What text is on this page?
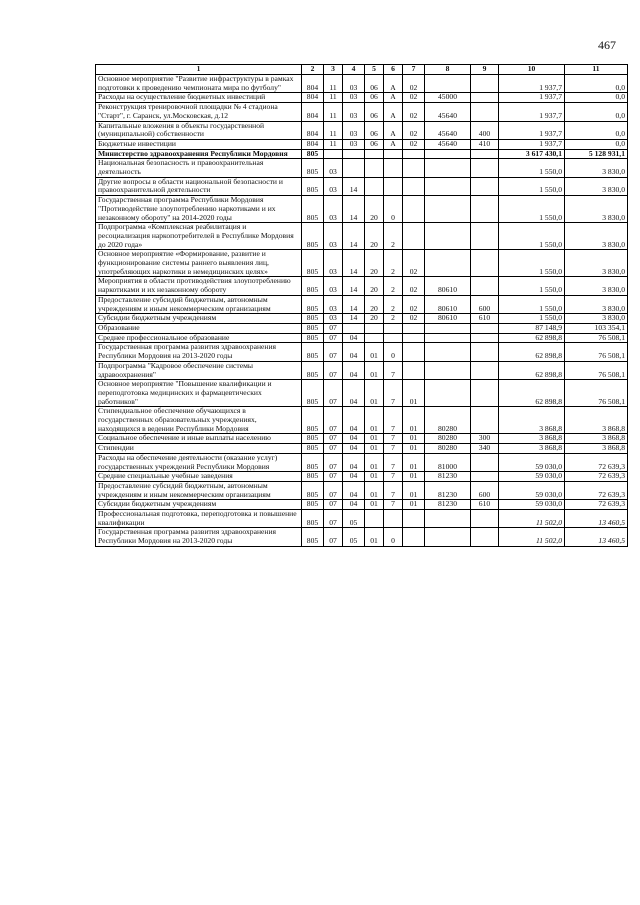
467
1	2	3	4	5	6	7	8	9	10	11
Основное мероприятие "Развитие инфраструктуры в рамках подготовки к проведению чемпионата мира по футболу"	804	11	03	06	А	02			1 937,7	0,0
Расходы на осуществление бюджетных инвестиций	804	11	03	06	А	02	45000		1 937,7	0,0
Реконструкция тренировочной площадки № 4 стадиона "Старт", г. Саранск, ул.Московская, д.12	804	11	03	06	А	02	45640		1 937,7	0,0
Капитальные вложения в объекты государственной (муниципальной) собственности	804	11	03	06	А	02	45640	400	1 937,7	0,0
Бюджетные инвестиции	804	11	03	06	А	02	45640	410	1 937,7	0,0
Министерство здравоохранения Республики Мордовия	805								3 617 430,1	5 128 931,1
Национальная безопасность и правоохранительная деятельность	805	03							1 550,0	3 830,0
Другие вопросы в области национальной безопасности и правоохранительной деятельности	805	03	14						1 550,0	3 830,0
Государственная программа Республики Мордовия "Противодействие злоупотреблению наркотиками и их незаконному обороту" на 2014-2020 годы	805	03	14	20	0				1 550,0	3 830,0
Подпрограмма «Комплексная реабилитация и ресоциализация наркопотребителей в Республике Мордовия до 2020 года»	805	03	14	20	2				1 550,0	3 830,0
Основное мероприятие «Формирование, развитие и функционирование системы раннего выявления лиц, употребляющих наркотики в немедицинских целях»	805	03	14	20	2	02			1 550,0	3 830,0
Мероприятия в области противодействия злоупотреблению наркотиками и их незаконному обороту	805	03	14	20	2	02	80610		1 550,0	3 830,0
Предоставление субсидий бюджетным, автономным учреждениям и иным некоммерческим организациям	805	03	14	20	2	02	80610	600	1 550,0	3 830,0
Субсидии бюджетным учреждениям	805	03	14	20	2	02	80610	610	1 550,0	3 830,0
Образование	805	07							87 148,9	103 354,1
Среднее профессиональное образование	805	07	04						62 898,8	76 508,1
Государственная программа развития здравоохранения Республики Мордовия на 2013-2020 годы	805	07	04	01	0				62 898,8	76 508,1
Подпрограмма "Кадровое обеспечение системы здравоохранения"	805	07	04	01	7				62 898,8	76 508,1
Основное мероприятие "Повышение квалификации и переподготовка медицинских и фармацевтических работников"	805	07	04	01	7	01			62 898,8	76 508,1
Стипендиальное обеспечение обучающихся в государственных образовательных учреждениях, находящихся в ведении Республики Мордовия	805	07	04	01	7	01	80280		3 868,8	3 868,8
Социальное обеспечение и иные выплаты населению	805	07	04	01	7	01	80280	300	3 868,8	3 868,8
Стипендии	805	07	04	01	7	01	80280	340	3 868,8	3 868,8
Расходы на обеспечение деятельности (оказание услуг) государственных учреждений Республики Мордовия	805	07	04	01	7	01	81000		59 030,0	72 639,3
Средние специальные учебные заведения	805	07	04	01	7	01	81230		59 030,0	72 639,3
Предоставление субсидий бюджетным, автономным учреждениям и иным некоммерческим организациям	805	07	04	01	7	01	81230	600	59 030,0	72 639,3
Субсидии бюджетным учреждениям	805	07	04	01	7	01	81230	610	59 030,0	72 639,3
Профессиональная подготовка, переподготовка и повышение квалификации	805	07	05						11 502,0	13 460,5
Государственная программа развития здравоохранения Республики Мордовия на 2013-2020 годы	805	07	05	01	0				11 502,0	13 460,5
